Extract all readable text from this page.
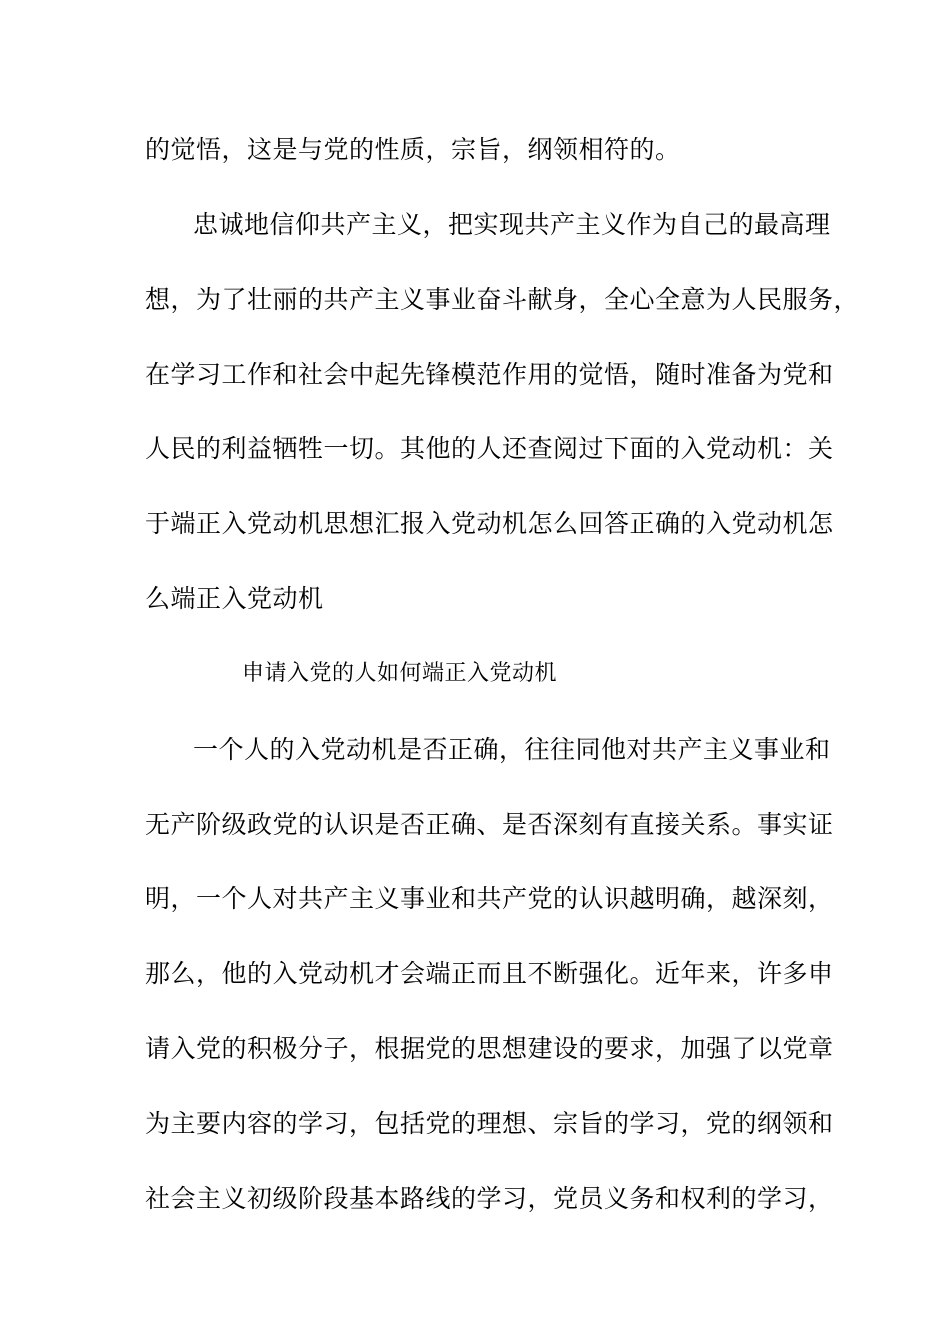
的觉悟，这是与党的性质，宗旨，纲领相符的。
忠诚地信仰共产主义，把实现共产主义作为自己的最高理
想，为了壮丽的共产主义事业奋斗献身，全心全意为人民服务，
在学习工作和社会中起先锋模范作用的觉悟，随时准备为党和
人民的利益牺牲一切。其他的人还查阅过下面的入党动机：关
于端正入党动机思想汇报入党动机怎么回答正确的入党动机怎
么端正入党动机
申请入党的人如何端正入党动机
一个人的入党动机是否正确，往往同他对共产主义事业和
无产阶级政党的认识是否正确、是否深刻有直接关系。事实证
明，一个人对共产主义事业和共产党的认识越明确，越深刻，
那么，他的入党动机才会端正而且不断强化。近年来，许多申
请入党的积极分子，根据党的思想建设的要求，加强了以党章
为主要内容的学习，包括党的理想、宗旨的学习，党的纲领和
社会主义初级阶段基本路线的学习，党员义务和权利的学习，
